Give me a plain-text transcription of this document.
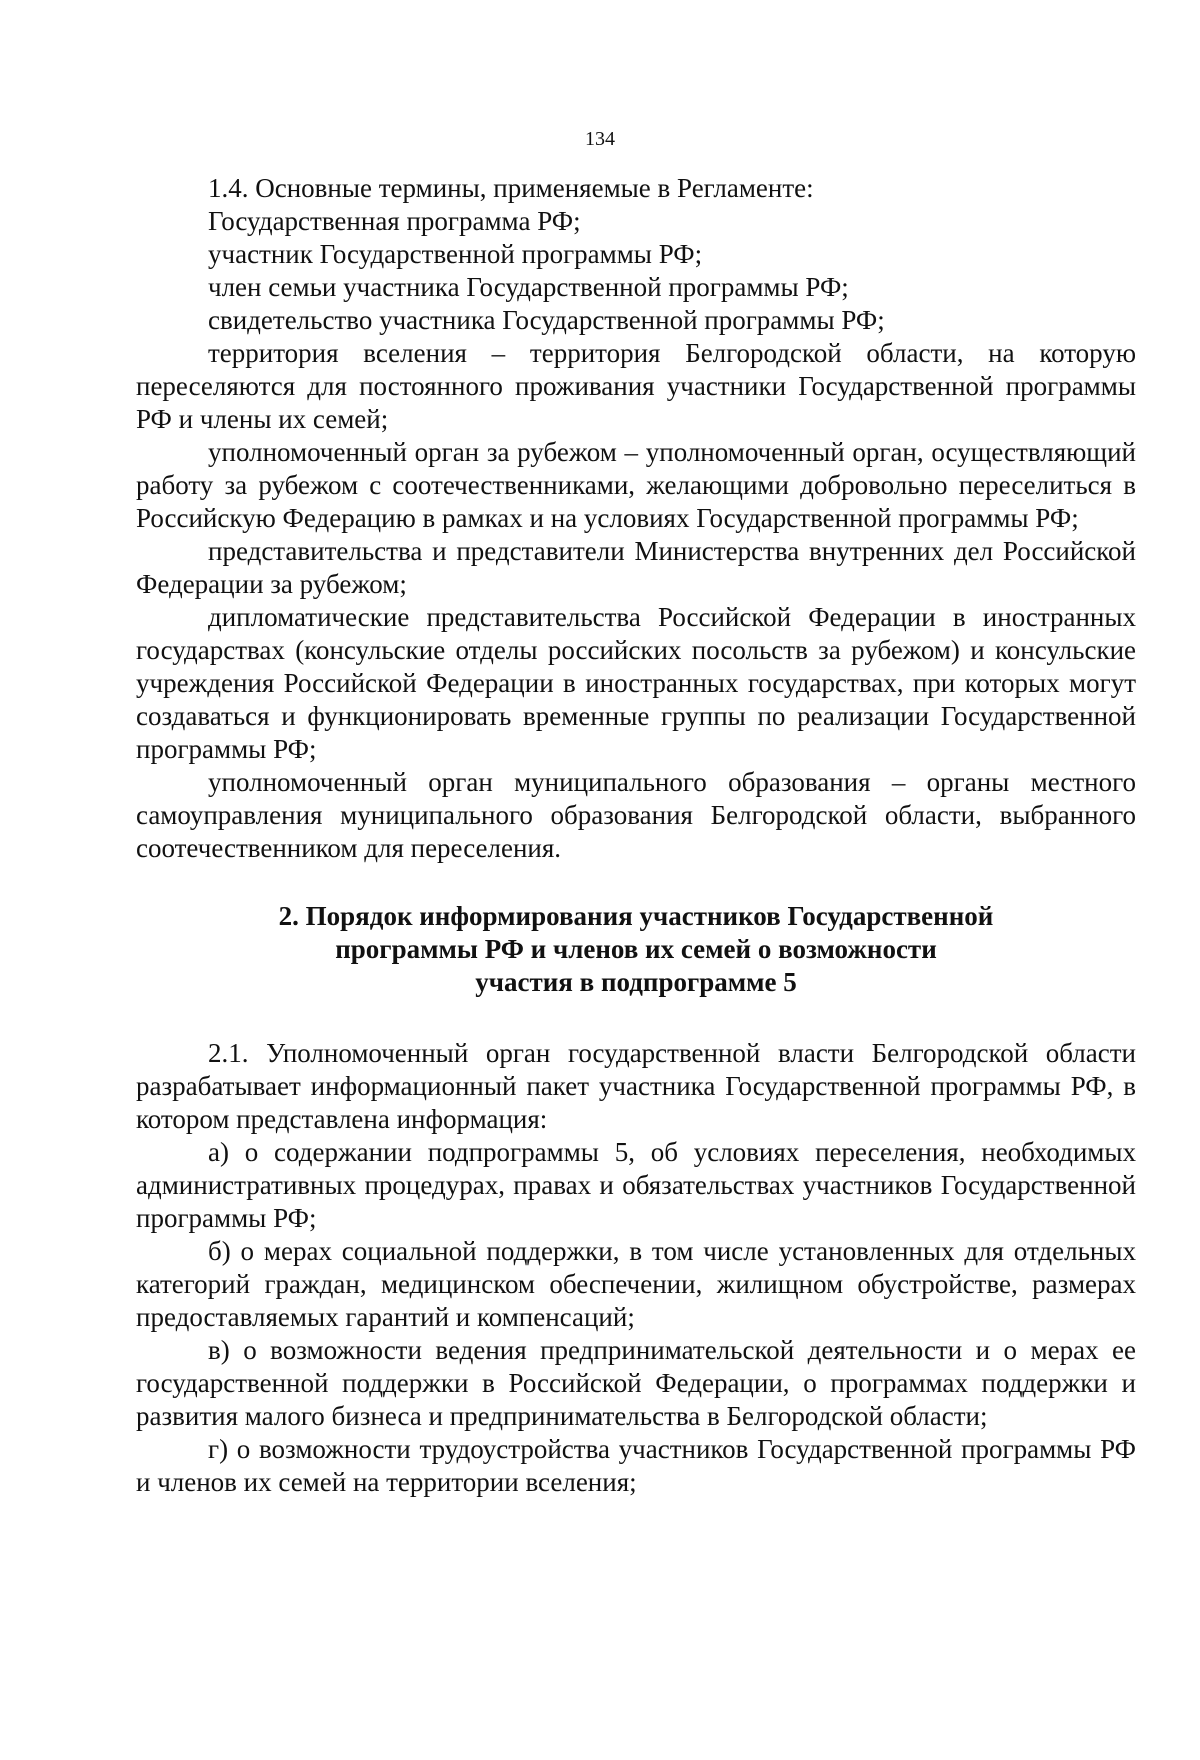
134

1.4. Основные термины, применяемые в Регламенте:

Государственная программа РФ;

участник Государственной программы РФ;

член семьи участника Государственной программы РФ;

свидетельство участника Государственной программы РФ;

территория вселения – территория Белгородской области, на которую переселяются для постоянного проживания участники Государственной программы РФ и члены их семей;

уполномоченный орган за рубежом – уполномоченный орган, осуществляющий работу за рубежом с соотечественниками, желающими добровольно переселиться в Российскую Федерацию в рамках и на условиях Государственной программы РФ;

представительства и представители Министерства внутренних дел Российской Федерации за рубежом;

дипломатические представительства Российской Федерации в иностранных государствах (консульские отделы российских посольств за рубежом) и консульские учреждения Российской Федерации в иностранных государствах, при которых могут создаваться и функционировать временные группы по реализации Государственной программы РФ;

уполномоченный орган муниципального образования – органы местного самоуправления муниципального образования Белгородской области, выбранного соотечественником для переселения.

2. Порядок информирования участников Государственной
программы РФ и членов их семей о возможности
участия в подпрограмме 5

2.1. Уполномоченный орган государственной власти Белгородской области разрабатывает информационный пакет участника Государственной программы РФ, в котором представлена информация:

а) о содержании подпрограммы 5, об условиях переселения, необходимых административных процедурах, правах и обязательствах участников Государственной программы РФ;

б) о мерах социальной поддержки, в том числе установленных для отдельных категорий граждан, медицинском обеспечении, жилищном обустройстве, размерах предоставляемых гарантий и компенсаций;

в) о возможности ведения предпринимательской деятельности и о мерах ее государственной поддержки в Российской Федерации, о программах поддержки и развития малого бизнеса и предпринимательства в Белгородской области;

г) о возможности трудоустройства участников Государственной программы РФ и членов их семей на территории вселения;
